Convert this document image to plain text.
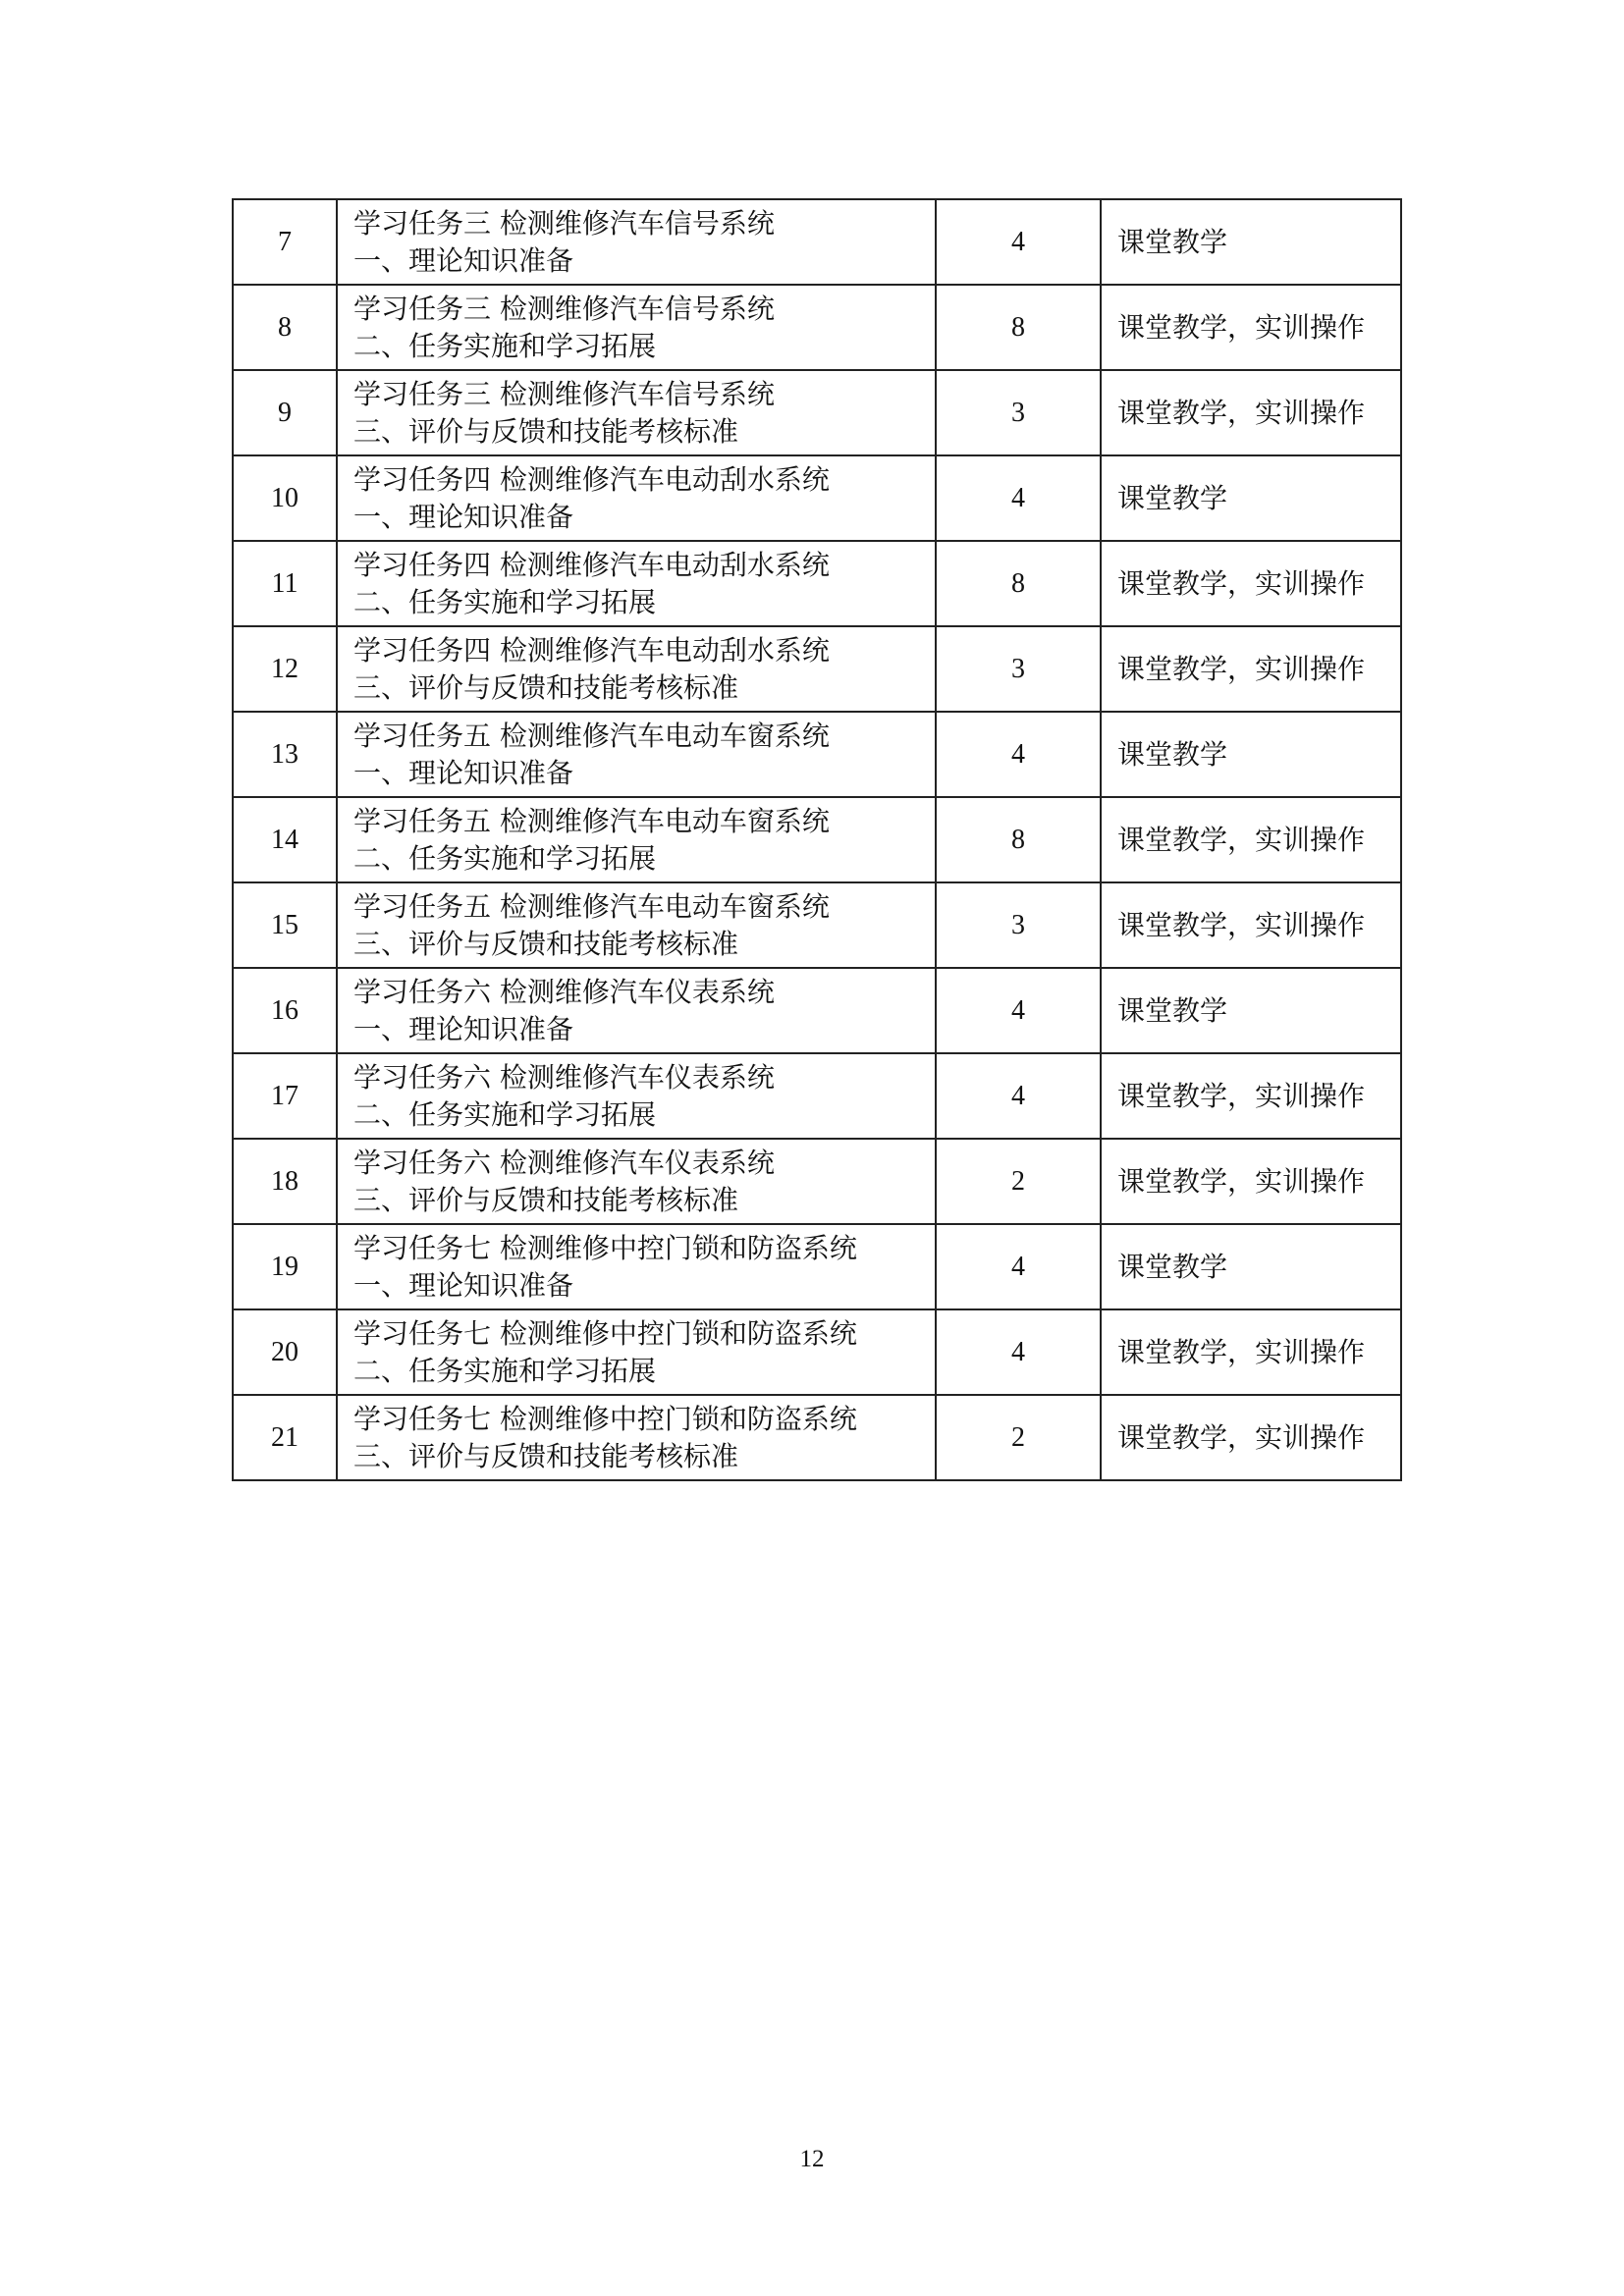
7	学习任务三 检测维修汽车信号系统
一、理论知识准备	4	课堂教学
8	学习任务三 检测维修汽车信号系统
二、任务实施和学习拓展	8	课堂教学，实训操作
9	学习任务三 检测维修汽车信号系统
三、评价与反馈和技能考核标准	3	课堂教学，实训操作
10	学习任务四 检测维修汽车电动刮水系统
一、理论知识准备	4	课堂教学
11	学习任务四 检测维修汽车电动刮水系统
二、任务实施和学习拓展	8	课堂教学，实训操作
12	学习任务四 检测维修汽车电动刮水系统
三、评价与反馈和技能考核标准	3	课堂教学，实训操作
13	学习任务五 检测维修汽车电动车窗系统
一、理论知识准备	4	课堂教学
14	学习任务五 检测维修汽车电动车窗系统
二、任务实施和学习拓展	8	课堂教学，实训操作
15	学习任务五 检测维修汽车电动车窗系统
三、评价与反馈和技能考核标准	3	课堂教学，实训操作
16	学习任务六 检测维修汽车仪表系统
一、理论知识准备	4	课堂教学
17	学习任务六 检测维修汽车仪表系统
二、任务实施和学习拓展	4	课堂教学，实训操作
18	学习任务六 检测维修汽车仪表系统
三、评价与反馈和技能考核标准	2	课堂教学，实训操作
19	学习任务七 检测维修中控门锁和防盗系统
一、理论知识准备	4	课堂教学
20	学习任务七 检测维修中控门锁和防盗系统
二、任务实施和学习拓展	4	课堂教学，实训操作
21	学习任务七 检测维修中控门锁和防盗系统
三、评价与反馈和技能考核标准	2	课堂教学，实训操作
12
